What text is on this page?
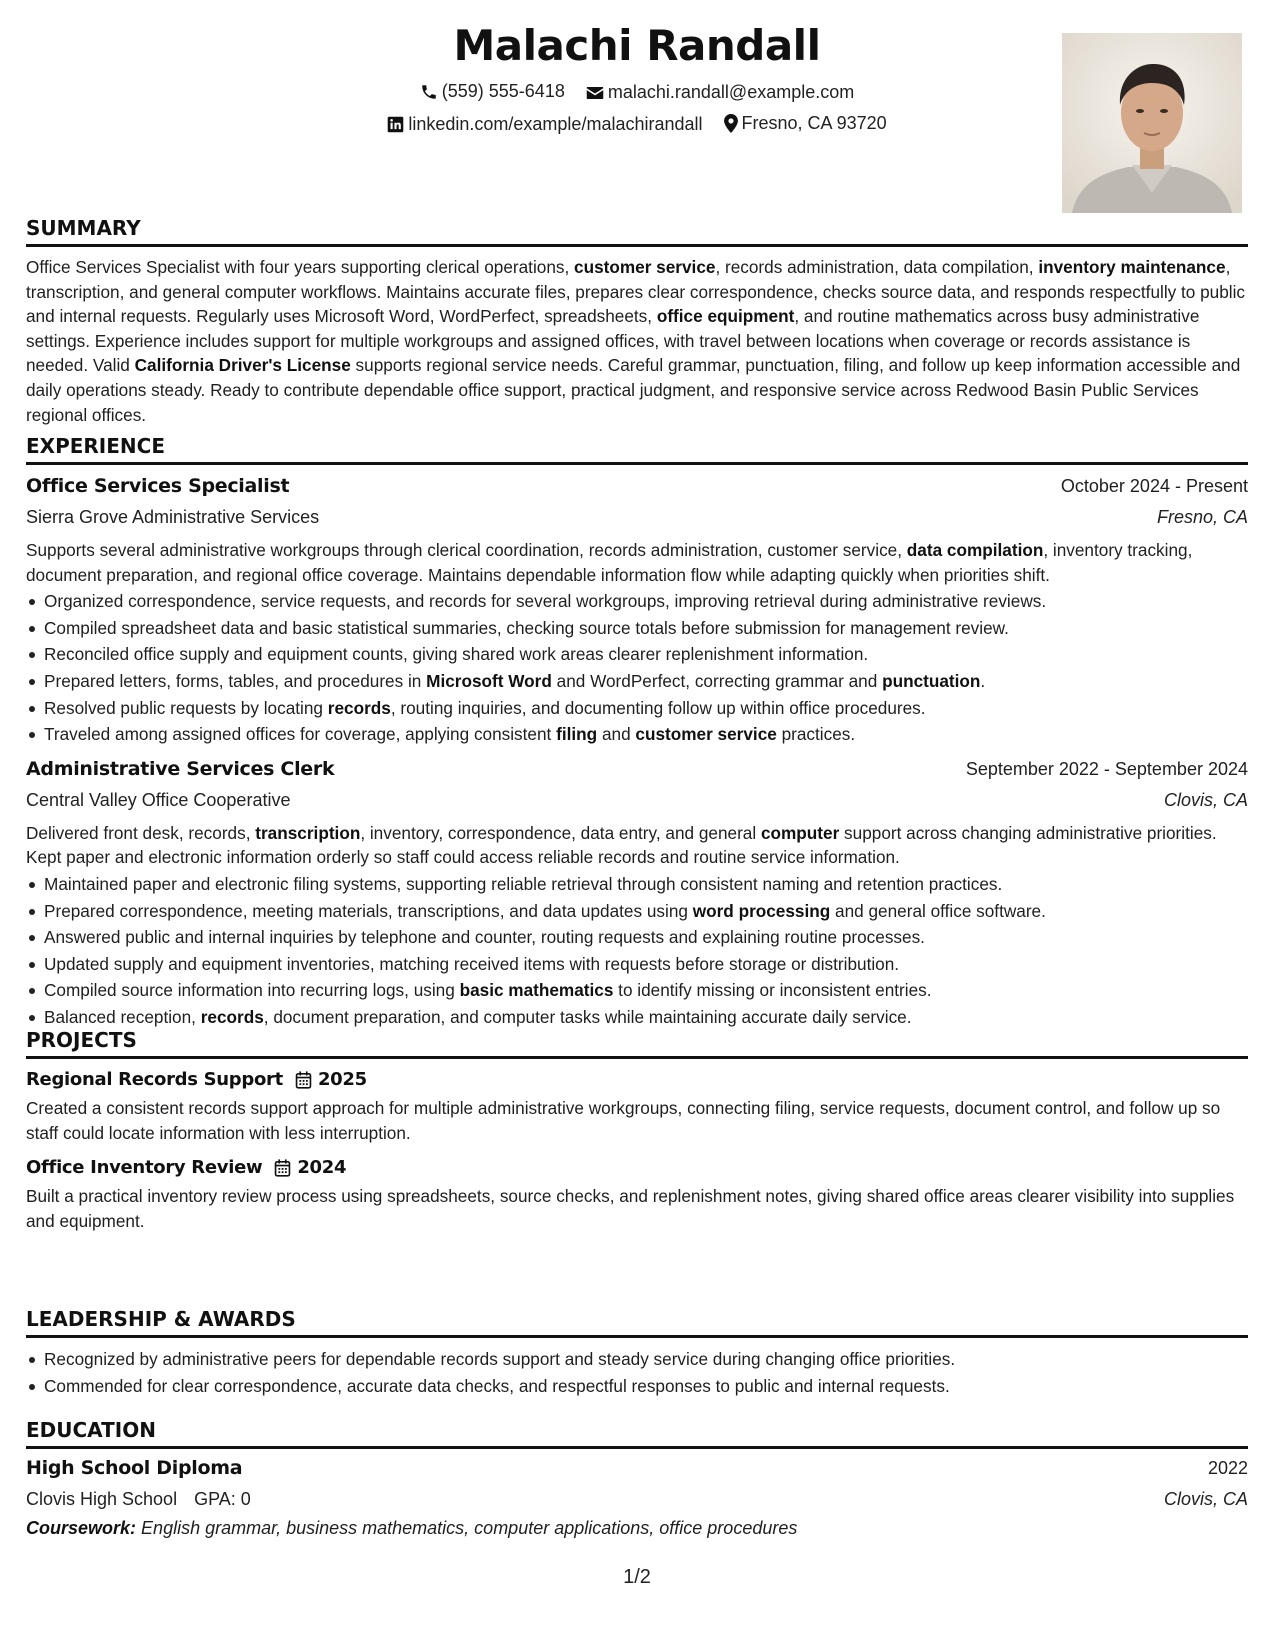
Malachi Randall
(559) 555-6418
malachi.randall@example.com
linkedin.com/example/malachirandall
Fresno, CA 93720
SUMMARY
Office Services Specialist with four years supporting clerical operations, customer service, records administration, data compilation, inventory maintenance, transcription, and general computer workflows. Maintains accurate files, prepares clear correspondence, checks source data, and responds respectfully to public and internal requests. Regularly uses Microsoft Word, WordPerfect, spreadsheets, office equipment, and routine mathematics across busy administrative settings. Experience includes support for multiple workgroups and assigned offices, with travel between locations when coverage or records assistance is needed. Valid California Driver's License supports regional service needs. Careful grammar, punctuation, filing, and follow up keep information accessible and daily operations steady. Ready to contribute dependable office support, practical judgment, and responsive service across Redwood Basin Public Services regional offices.
EXPERIENCE
Office Services Specialist	October 2024 - Present
Sierra Grove Administrative Services	Fresno, CA
Supports several administrative workgroups through clerical coordination, records administration, customer service, data compilation, inventory tracking, document preparation, and regional office coverage. Maintains dependable information flow while adapting quickly when priorities shift.
Organized correspondence, service requests, and records for several workgroups, improving retrieval during administrative reviews.
Compiled spreadsheet data and basic statistical summaries, checking source totals before submission for management review.
Reconciled office supply and equipment counts, giving shared work areas clearer replenishment information.
Prepared letters, forms, tables, and procedures in Microsoft Word and WordPerfect, correcting grammar and punctuation.
Resolved public requests by locating records, routing inquiries, and documenting follow up within office procedures.
Traveled among assigned offices for coverage, applying consistent filing and customer service practices.
Administrative Services Clerk	September 2022 - September 2024
Central Valley Office Cooperative	Clovis, CA
Delivered front desk, records, transcription, inventory, correspondence, data entry, and general computer support across changing administrative priorities. Kept paper and electronic information orderly so staff could access reliable records and routine service information.
Maintained paper and electronic filing systems, supporting reliable retrieval through consistent naming and retention practices.
Prepared correspondence, meeting materials, transcriptions, and data updates using word processing and general office software.
Answered public and internal inquiries by telephone and counter, routing requests and explaining routine processes.
Updated supply and equipment inventories, matching received items with requests before storage or distribution.
Compiled source information into recurring logs, using basic mathematics to identify missing or inconsistent entries.
Balanced reception, records, document preparation, and computer tasks while maintaining accurate daily service.
PROJECTS
Regional Records Support 2025
Created a consistent records support approach for multiple administrative workgroups, connecting filing, service requests, document control, and follow up so staff could locate information with less interruption.
Office Inventory Review 2024
Built a practical inventory review process using spreadsheets, source checks, and replenishment notes, giving shared office areas clearer visibility into supplies and equipment.
LEADERSHIP & AWARDS
Recognized by administrative peers for dependable records support and steady service during changing office priorities.
Commended for clear correspondence, accurate data checks, and respectful responses to public and internal requests.
EDUCATION
High School Diploma	2022
Clovis High School GPA: 0	Clovis, CA
Coursework: English grammar, business mathematics, computer applications, office procedures
1/2
